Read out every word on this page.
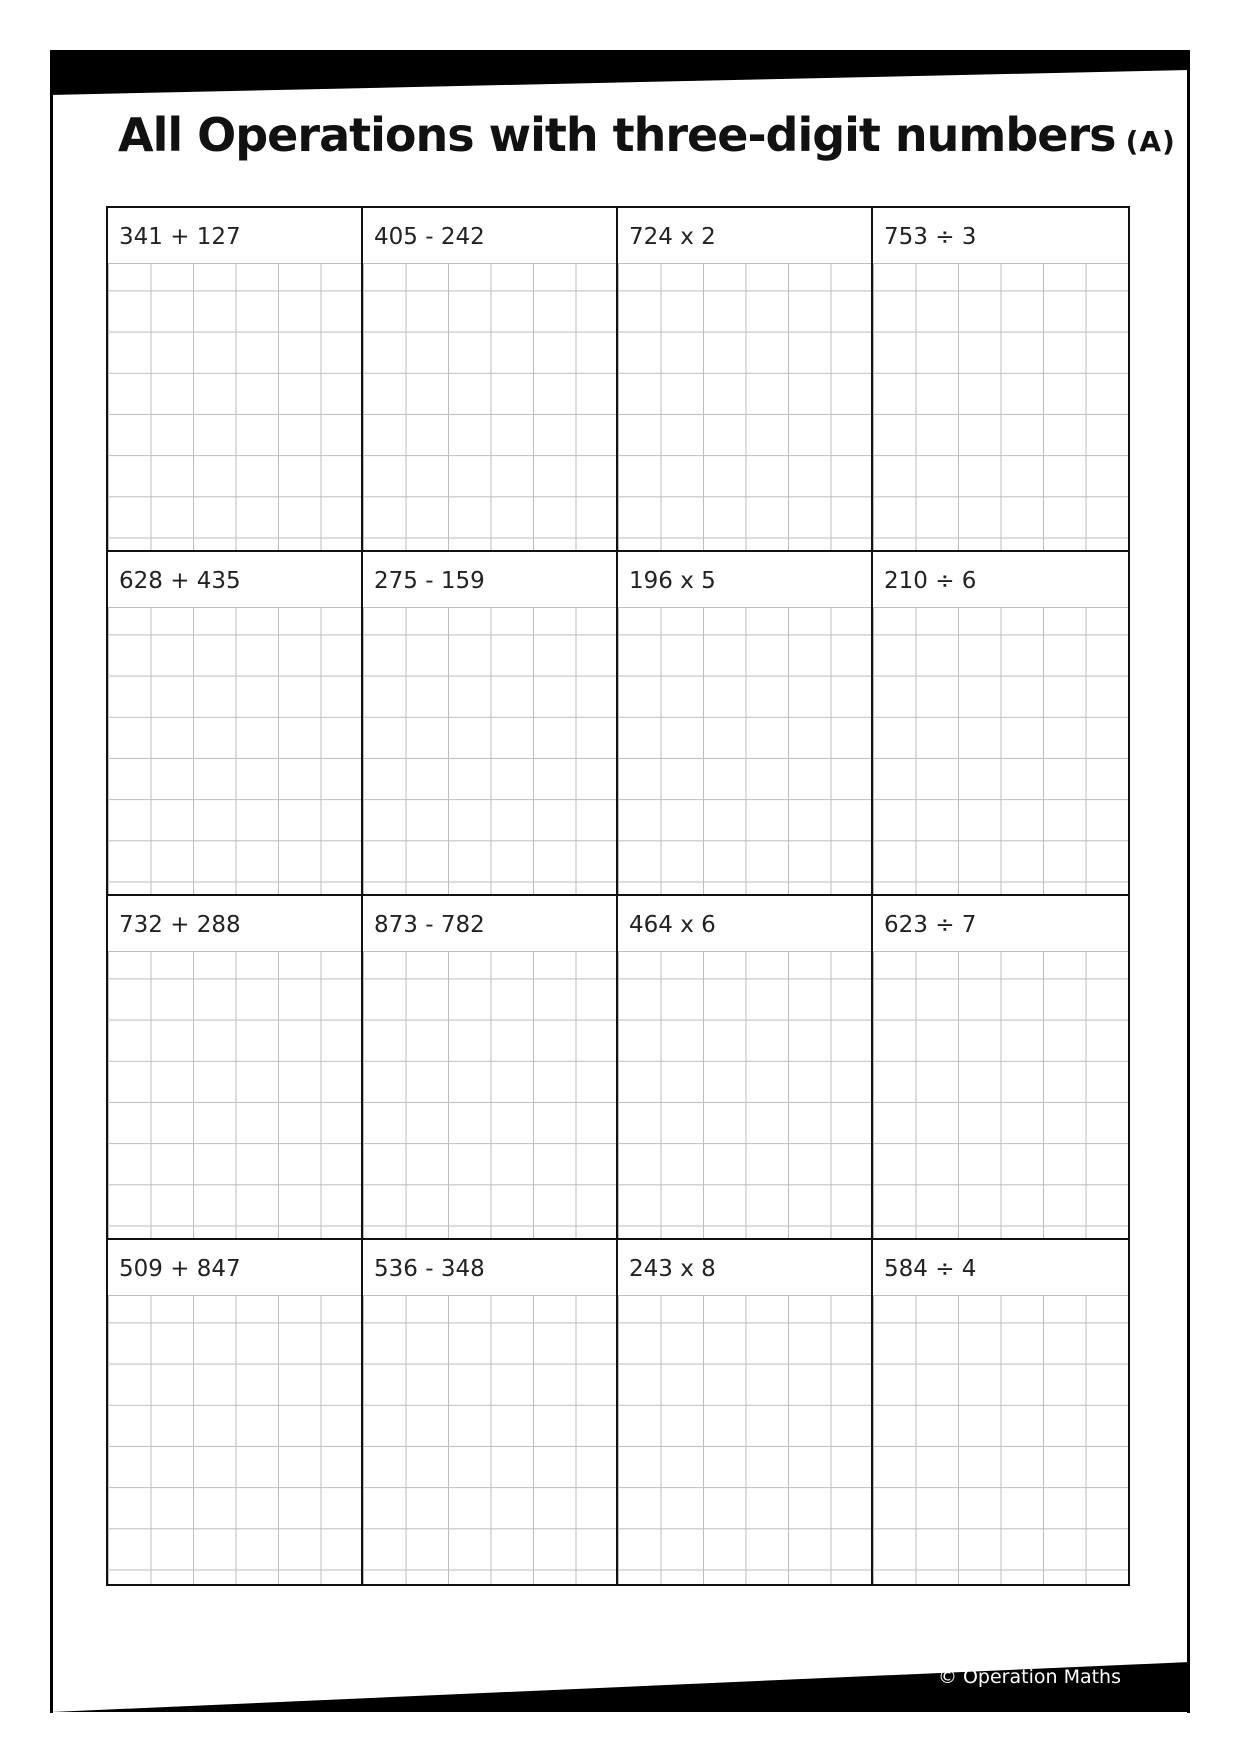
All Operations with three-digit numbers (A)
341 + 127	405 - 242	724 x 2	753 ÷ 3
628 + 435	275 - 159	196 x 5	210 ÷ 6
732 + 288	873 - 782	464 x 6	623 ÷ 7
509 + 847	536 - 348	243 x 8	584 ÷ 4
© Operation Maths
